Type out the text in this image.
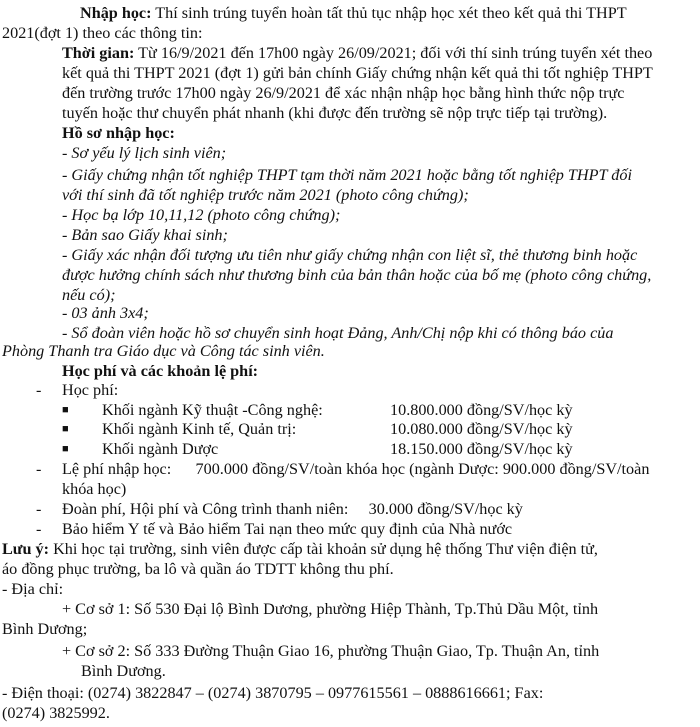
Nhập học: Thí sinh trúng tuyển hoàn tất thủ tục nhập học xét theo kết quả thi THPT
2021(đợt 1) theo các thông tin:
Thời gian: Từ 16/9/2021 đến 17h00 ngày 26/09/2021; đối với thí sinh trúng tuyển xét theo
kết quả thi THPT 2021 (đợt 1) gửi bản chính Giấy chứng nhận kết quả thi tốt nghiệp THPT
đến trường trước 17h00 ngày 26/9/2021 để xác nhận nhập học bằng hình thức nộp trực
tuyến hoặc thư chuyển phát nhanh (khi được đến trường sẽ nộp trực tiếp tại trường).
Hồ sơ nhập học:
- Sơ yếu lý lịch sinh viên;
- Giấy chứng nhận tốt nghiệp THPT tạm thời năm 2021 hoặc bằng tốt nghiệp THPT đối
với thí sinh đã tốt nghiệp trước năm 2021 (photo công chứng);
- Học bạ lớp 10,11,12 (photo công chứng);
- Bản sao Giấy khai sinh;
- Giấy xác nhận đối tượng ưu tiên như giấy chứng nhận con liệt sĩ, thẻ thương binh hoặc
được hưởng chính sách như thương binh của bản thân hoặc của bố mẹ (photo công chứng,
nếu có);
- 03 ảnh 3x4;
- Sổ đoàn viên hoặc hồ sơ chuyển sinh hoạt Đảng, Anh/Chị nộp khi có thông báo của
Phòng Thanh tra Giáo dục và Công tác sinh viên.
Học phí và các khoản lệ phí:
- Học phí:
■ Khối ngành Kỹ thuật -Công nghệ:	10.800.000 đồng/SV/học kỳ
■ Khối ngành Kinh tế, Quản trị:	10.080.000 đồng/SV/học kỳ
■ Khối ngành Dược	18.150.000 đồng/SV/học kỳ
- Lệ phí nhập học:      700.000 đồng/SV/toàn khóa học (ngành Dược: 900.000 đồng/SV/toàn
khóa học)
- Đoàn phí, Hội phí và Công trình thanh niên:     30.000 đồng/SV/học kỳ
- Bảo hiểm Y tế và Bảo hiểm Tai nạn theo mức quy định của Nhà nước
Lưu ý: Khi học tại trường, sinh viên được cấp tài khoản sử dụng hệ thống Thư viện điện tử,
áo đồng phục trường, ba lô và quần áo TDTT không thu phí.
- Địa chỉ:
+ Cơ sở 1: Số 530 Đại lộ Bình Dương, phường Hiệp Thành, Tp.Thủ Dầu Một, tỉnh
Bình Dương;
+ Cơ sở 2: Số 333 Đường Thuận Giao 16, phường Thuận Giao, Tp. Thuận An, tỉnh
Bình Dương.
- Điện thoại: (0274) 3822847 – (0274) 3870795 – 0977615561 – 0888616661; Fax:
(0274) 3825992.
